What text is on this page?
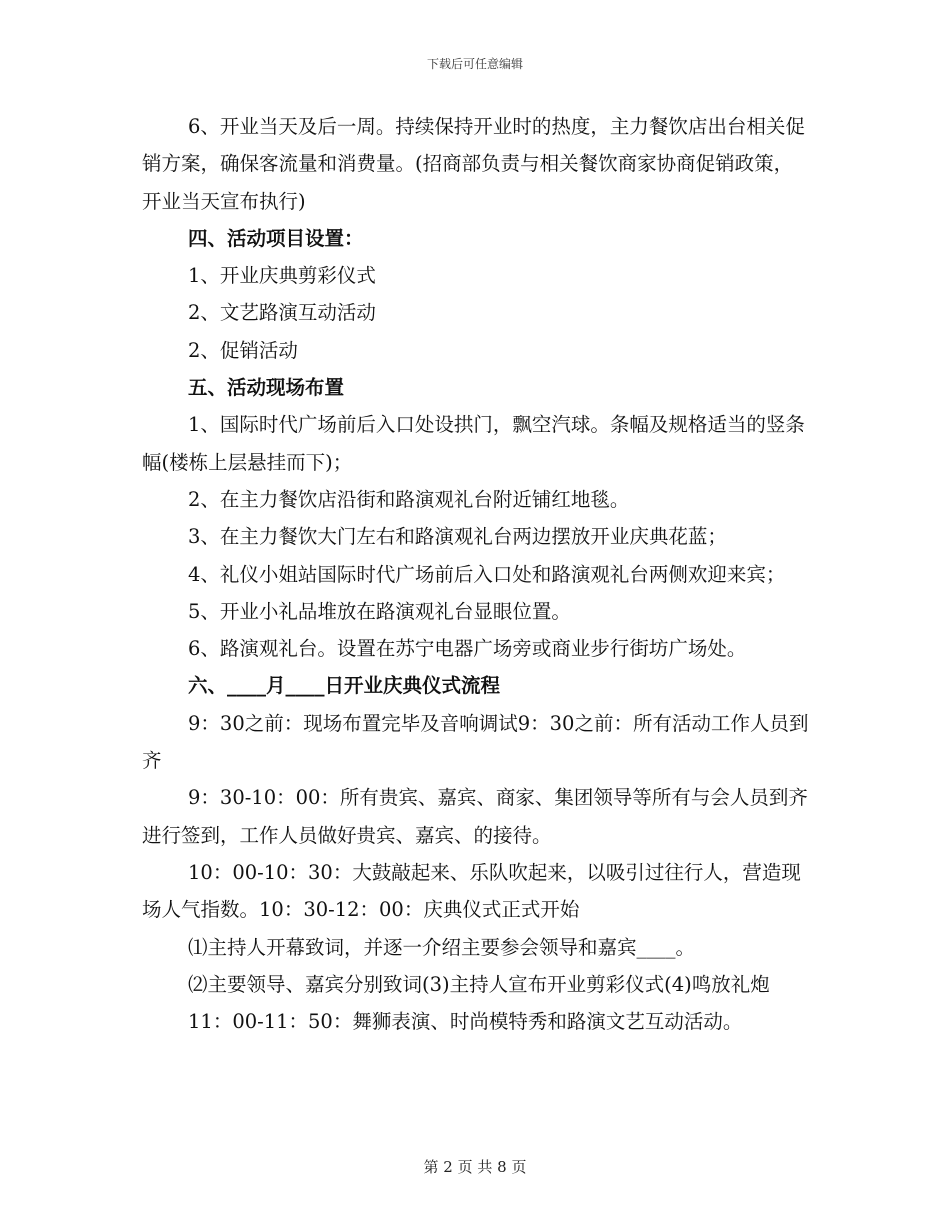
下载后可任意编辑

6、开业当天及后一周。持续保持开业时的热度，主力餐饮店出台相关促销方案，确保客流量和消费量。(招商部负责与相关餐饮商家协商促销政策，开业当天宣布执行)

四、活动项目设置：

1、开业庆典剪彩仪式

2、文艺路演互动活动

2、促销活动

五、活动现场布置

1、国际时代广场前后入口处设拱门，飘空汽球。条幅及规格适当的竖条幅(楼栋上层悬挂而下)；

2、在主力餐饮店沿街和路演观礼台附近铺红地毯。

3、在主力餐饮大门左右和路演观礼台两边摆放开业庆典花蓝；

4、礼仪小姐站国际时代广场前后入口处和路演观礼台两侧欢迎来宾；

5、开业小礼品堆放在路演观礼台显眼位置。

6、路演观礼台。设置在苏宁电器广场旁或商业步行街坊广场处。

六、____月____日开业庆典仪式流程

9：30之前：现场布置完毕及音响调试9：30之前：所有活动工作人员到齐

9：30-10：00：所有贵宾、嘉宾、商家、集团领导等所有与会人员到齐进行签到，工作人员做好贵宾、嘉宾、的接待。

10：00-10：30：大鼓敲起来、乐队吹起来，以吸引过往行人，营造现场人气指数。10：30-12：00：庆典仪式正式开始

⑴主持人开幕致词，并逐一介绍主要参会领导和嘉宾____。

⑵主要领导、嘉宾分别致词(3)主持人宣布开业剪彩仪式(4)鸣放礼炮

11：00-11：50：舞狮表演、时尚模特秀和路演文艺互动活动。

第 2 页 共 8 页
